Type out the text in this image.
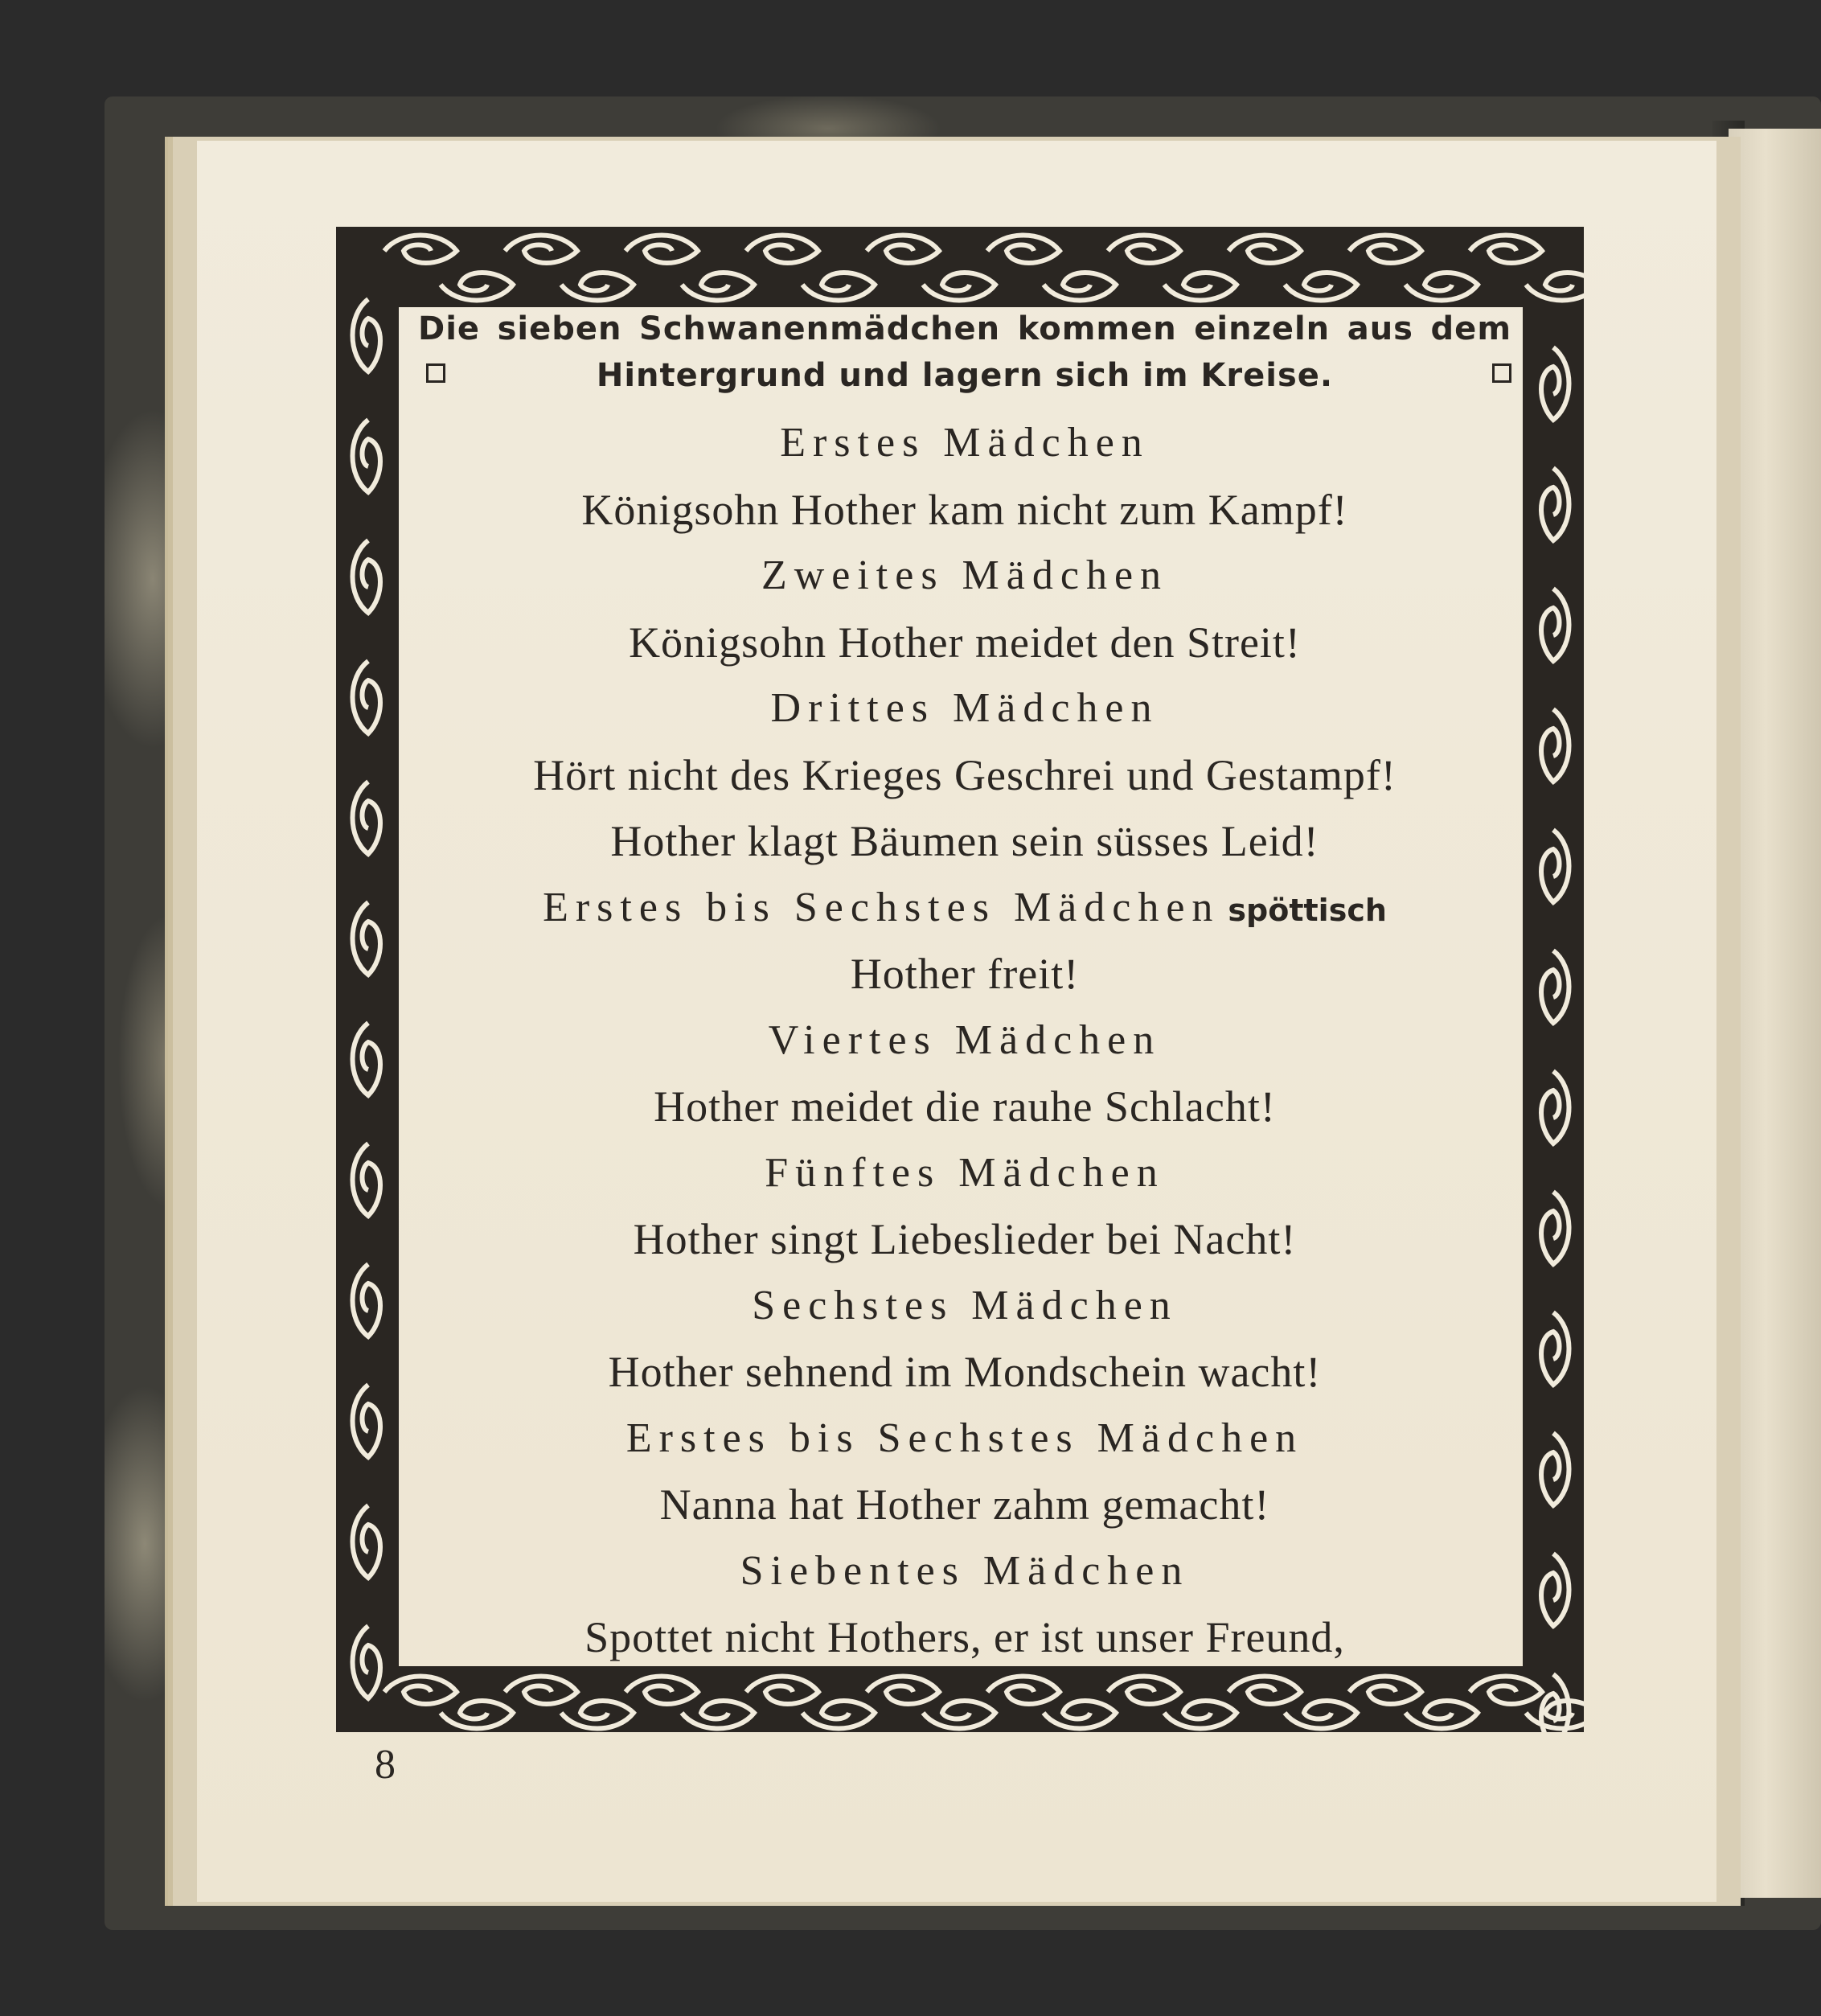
Die sieben Schwanenmädchen kommen einzeln aus dem
Hintergrund und lagern sich im Kreise.
Erstes Mädchen
Königsohn Hother kam nicht zum Kampf!
Zweites Mädchen
Königsohn Hother meidet den Streit!
Drittes Mädchen
Hört nicht des Krieges Geschrei und Gestampf!
Hother klagt Bäumen sein süsses Leid!
Erstes bis Sechstes Mädchen spöttisch
Hother freit!
Viertes Mädchen
Hother meidet die rauhe Schlacht!
Fünftes Mädchen
Hother singt Liebeslieder bei Nacht!
Sechstes Mädchen
Hother sehnend im Mondschein wacht!
Erstes bis Sechstes Mädchen
Nanna hat Hother zahm gemacht!
Siebentes Mädchen
Spottet nicht Hothers, er ist unser Freund,
8
